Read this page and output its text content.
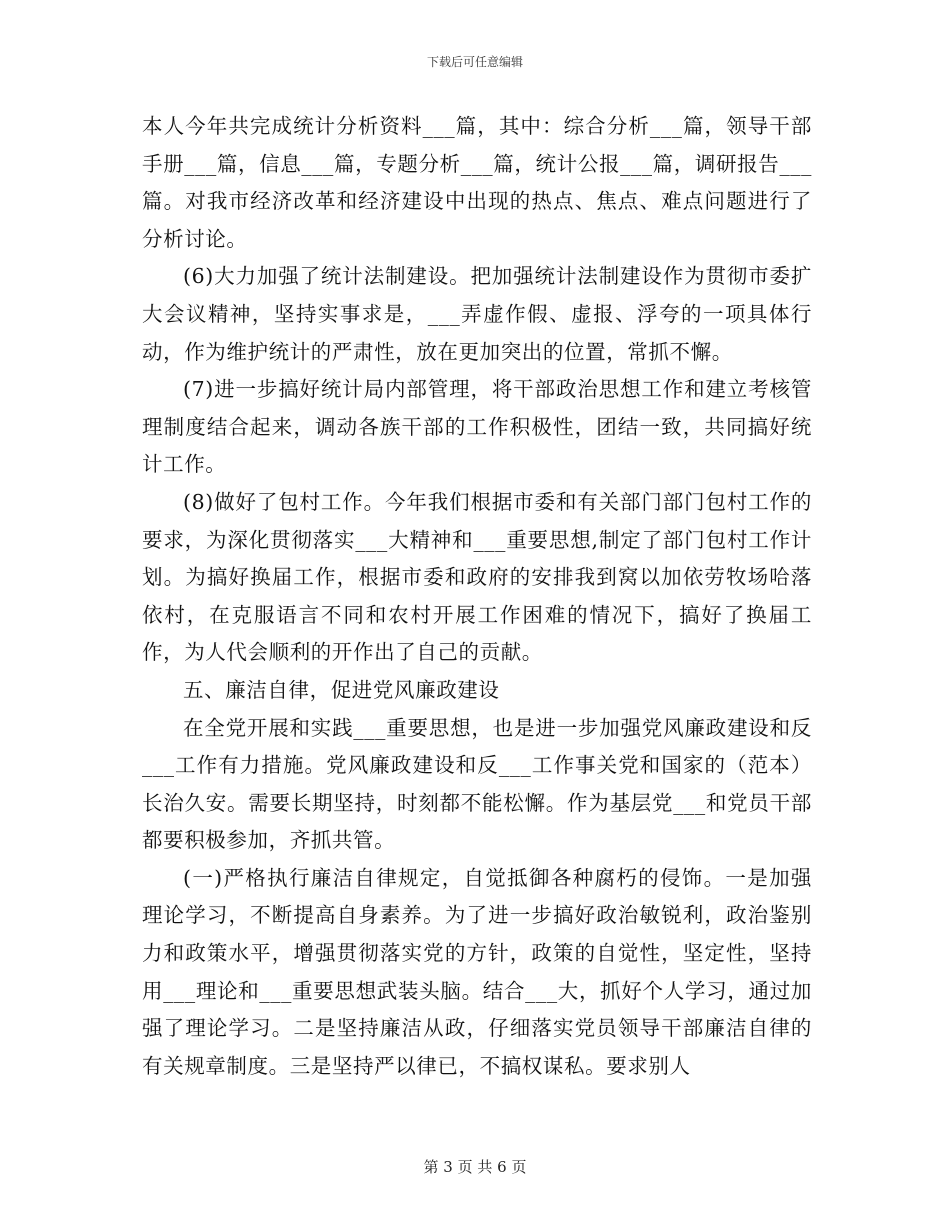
下载后可任意编辑

本人今年共完成统计分析资料___篇，其中：综合分析___篇，领导干部手册___篇，信息___篇，专题分析___篇，统计公报___篇，调研报告___篇。对我市经济改革和经济建设中出现的热点、焦点、难点问题进行了分析讨论。

(6)大力加强了统计法制建设。把加强统计法制建设作为贯彻市委扩大会议精神，坚持实事求是，___弄虚作假、虚报、浮夸的一项具体行动，作为维护统计的严肃性，放在更加突出的位置，常抓不懈。

(7)进一步搞好统计局内部管理，将干部政治思想工作和建立考核管理制度结合起来，调动各族干部的工作积极性，团结一致，共同搞好统计工作。

(8)做好了包村工作。今年我们根据市委和有关部门部门包村工作的要求，为深化贯彻落实___大精神和___重要思想,制定了部门包村工作计划。为搞好换届工作，根据市委和政府的安排我到窝以加依劳牧场哈落依村，在克服语言不同和农村开展工作困难的情况下，搞好了换届工作，为人代会顺利的开作出了自己的贡献。

五、廉洁自律，促进党风廉政建设

在全党开展和实践___重要思想，也是进一步加强党风廉政建设和反___工作有力措施。党风廉政建设和反___工作事关党和国家的（范本）长治久安。需要长期坚持，时刻都不能松懈。作为基层党___和党员干部都要积极参加，齐抓共管。

(一)严格执行廉洁自律规定，自觉抵御各种腐朽的侵饰。一是加强理论学习，不断提高自身素养。为了进一步搞好政治敏锐利，政治鉴别力和政策水平，增强贯彻落实党的方针，政策的自觉性，坚定性，坚持用___理论和___重要思想武装头脑。结合___大，抓好个人学习，通过加强了理论学习。二是坚持廉洁从政，仔细落实党员领导干部廉洁自律的有关规章制度。三是坚持严以律已，不搞权谋私。要求别人

第 3 页 共 6 页
